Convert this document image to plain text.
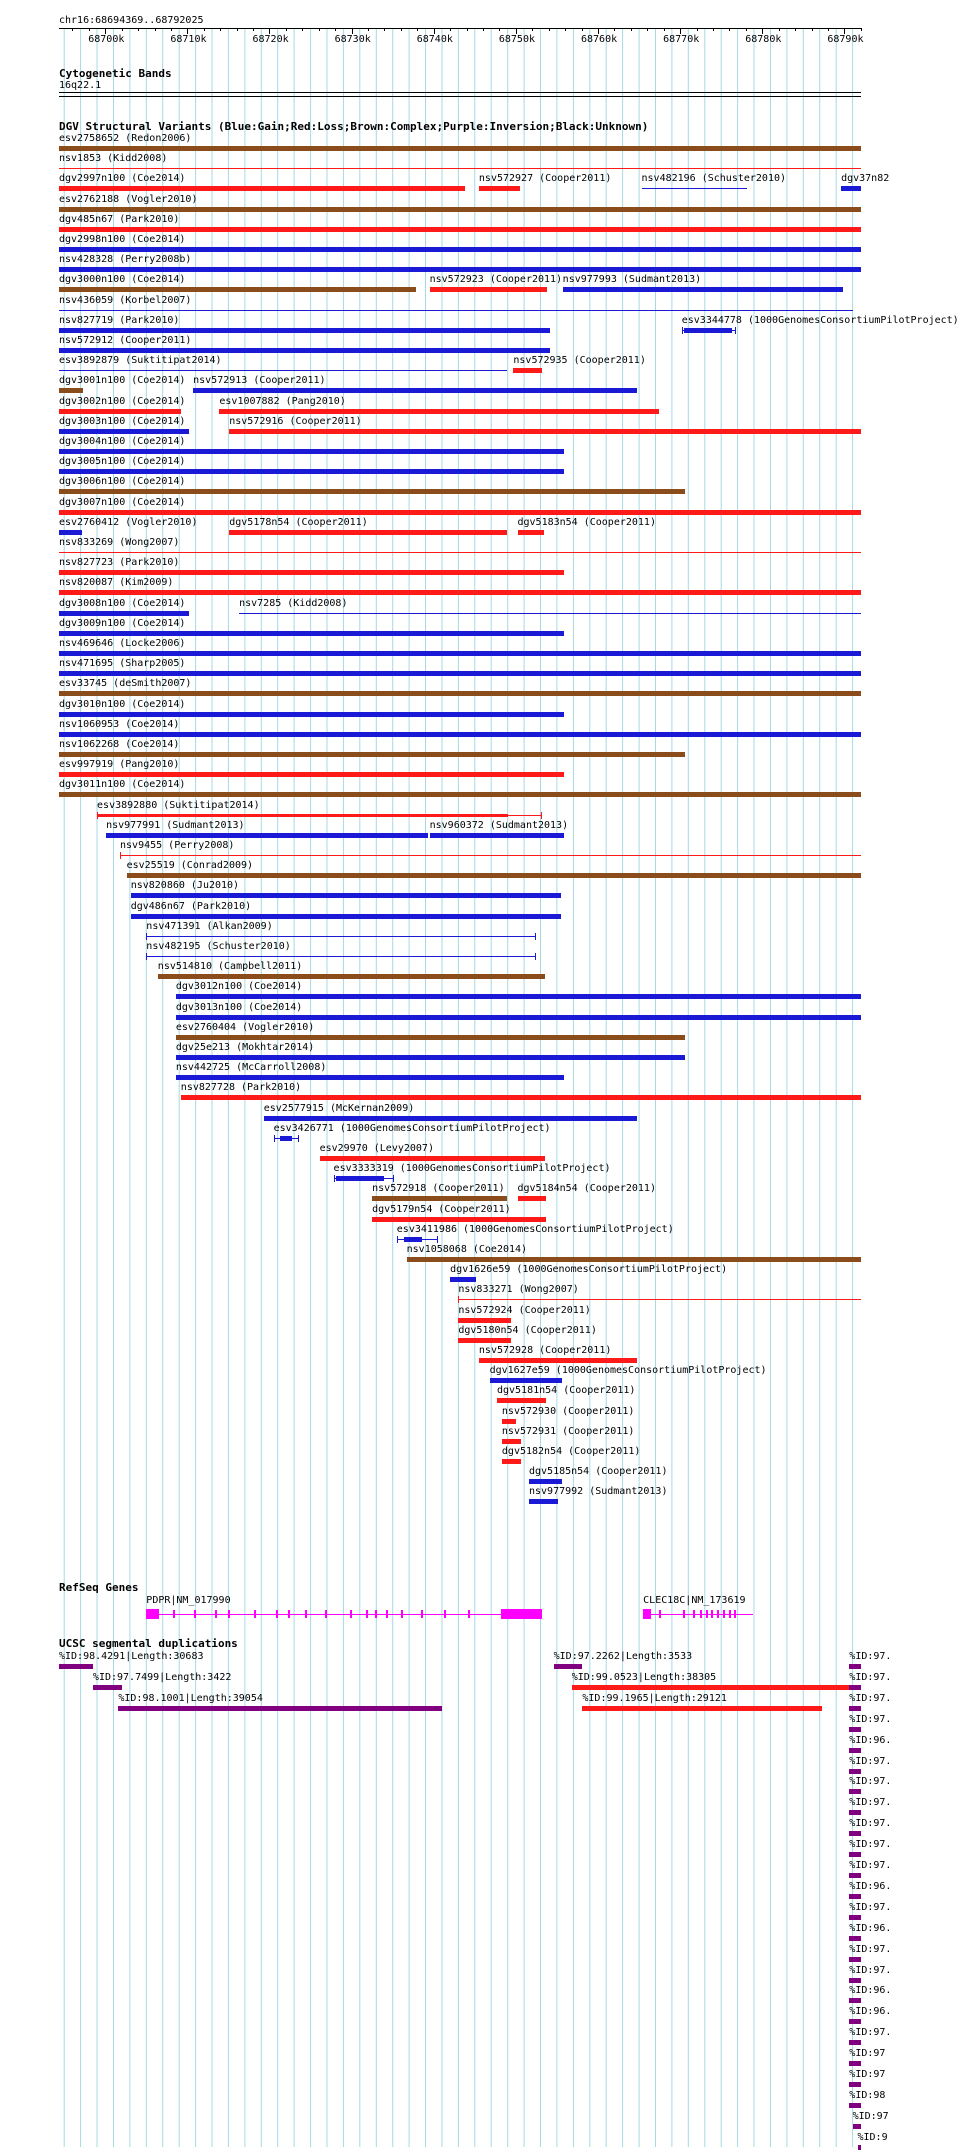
chr16:68694369..68792025
68700k	68710k	68720k	68730k	68740k	68750k	68760k	68770k	68780k	68790k
Cytogenetic Bands
16q22.1
DGV Structural Variants (Blue:Gain;Red:Loss;Brown:Complex;Purple:Inversion;Black:Unknown)
esv2758652 (Redon2006)
nsv1853 (Kidd2008)
dgv2997n100 (Coe2014)	nsv572927 (Cooper2011)	nsv482196 (Schuster2010)	dgv37n82
esv2762188 (Vogler2010)
dgv485n67 (Park2010)
dgv2998n100 (Coe2014)
nsv428328 (Perry2008b)
dgv3000n100 (Coe2014)	nsv572923 (Cooper2011) nsv977993 (Sudmant2013)
nsv436059 (Korbel2007)
nsv827719 (Park2010)	esv3344778 (1000GenomesConsortiumPilotProject)
nsv572912 (Cooper2011)
esv3892879 (Suktitipat2014)	nsv572935 (Cooper2011)
dgv3001n100 (Coe2014) nsv572913 (Cooper2011)
dgv3002n100 (Coe2014)	esv1007882 (Pang2010)
dgv3003n100 (Coe2014)	nsv572916 (Cooper2011)
dgv3004n100 (Coe2014)
dgv3005n100 (Coe2014)
dgv3006n100 (Coe2014)
dgv3007n100 (Coe2014)
esv2760412 (Vogler2010)	dgv5178n54 (Cooper2011)	dgv5183n54 (Cooper2011)
nsv833269 (Wong2007)
nsv827723 (Park2010)
nsv820087 (Kim2009)
dgv3008n100 (Coe2014)	nsv7285 (Kidd2008)
dgv3009n100 (Coe2014)
nsv469646 (Locke2006)
nsv471695 (Sharp2005)
esv33745 (deSmith2007)
dgv3010n100 (Coe2014)
nsv1060953 (Coe2014)
nsv1062268 (Coe2014)
esv997919 (Pang2010)
dgv3011n100 (Coe2014)
esv3892880 (Suktitipat2014)
nsv977991 (Sudmant2013)	nsv960372 (Sudmant2013)
nsv9455 (Perry2008)
esv25519 (Conrad2009)
nsv820860 (Ju2010)
dgv486n67 (Park2010)
nsv471391 (Alkan2009)
nsv482195 (Schuster2010)
nsv514810 (Campbell2011)
dgv3012n100 (Coe2014)
dgv3013n100 (Coe2014)
esv2760404 (Vogler2010)
dgv25e213 (Mokhtar2014)
nsv442725 (McCarroll2008)
nsv827728 (Park2010)
esv2577915 (McKernan2009)
esv3426771 (1000GenomesConsortiumPilotProject)
esv29970 (Levy2007)
esv3333319 (1000GenomesConsortiumPilotProject)
nsv572918 (Cooper2011) dgv5184n54 (Cooper2011)
dgv5179n54 (Cooper2011)
esv3411986 (1000GenomesConsortiumPilotProject)
nsv1058068 (Coe2014)
dgv1626e59 (1000GenomesConsortiumPilotProject)
nsv833271 (Wong2007)
nsv572924 (Cooper2011)
dgv5180n54 (Cooper2011)
nsv572928 (Cooper2011)
dgv1627e59 (1000GenomesConsortiumPilotProject)
dgv5181n54 (Cooper2011)
nsv572930 (Cooper2011)
nsv572931 (Cooper2011)
dgv5182n54 (Cooper2011)
dgv5185n54 (Cooper2011)
nsv977992 (Sudmant2013)
RefSeq Genes
PDPR|NM_017990	CLEC18C|NM_173619
UCSC segmental duplications
%ID:98.4291|Length:30683	%ID:97.2262|Length:3533	%ID:97.
%ID:97.7499|Length:3422	%ID:99.0523|Length:38305	%ID:97.
%ID:98.1001|Length:39054	%ID:99.1965|Length:29121	%ID:97.
%ID:97.
%ID:96.
%ID:97.
%ID:97.
%ID:97.
%ID:97.
%ID:97.
%ID:97.
%ID:96.
%ID:97.
%ID:96.
%ID:97.
%ID:97.
%ID:96.
%ID:96.
%ID:97.
%ID:97
%ID:97
%ID:98
%ID:97
%ID:9
